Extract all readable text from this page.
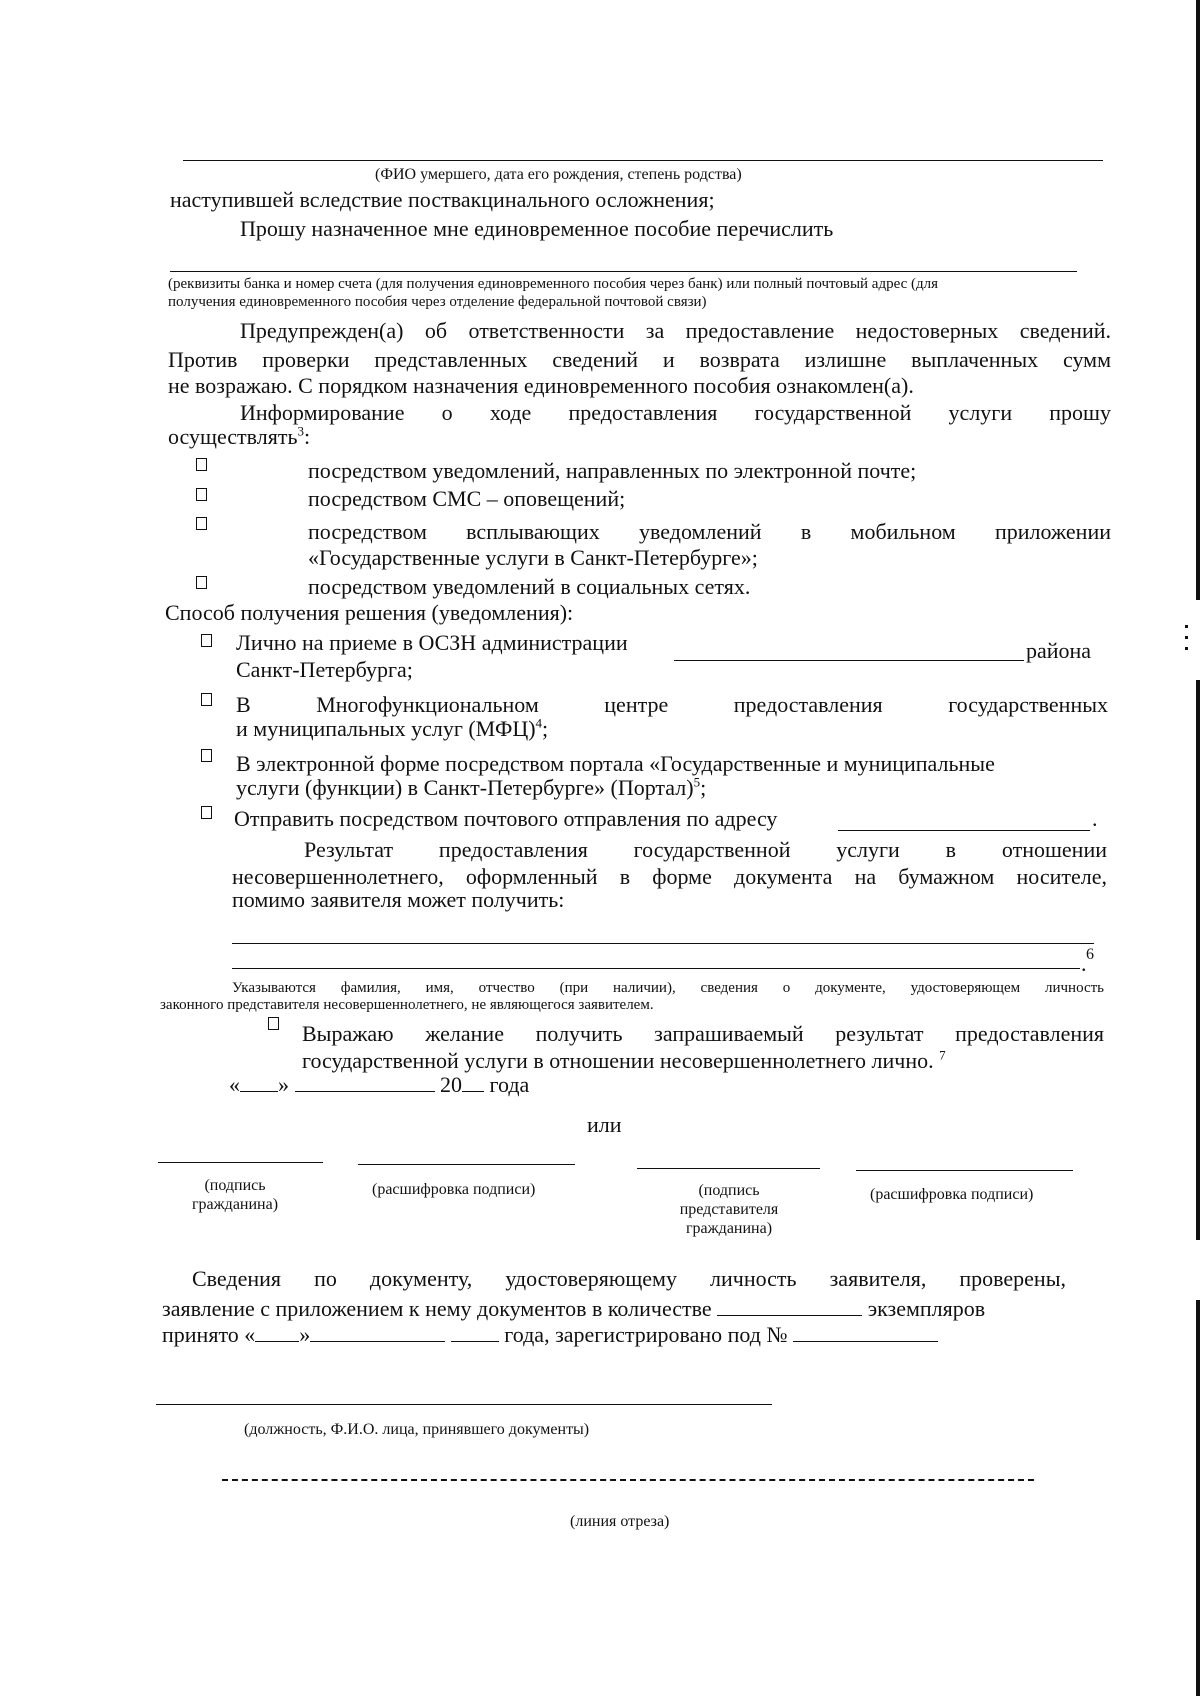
(ФИО умершего, дата его рождения, степень родства)
наступившей вследствие поствакцинального осложнения;
Прошу назначенное мне единовременное пособие перечислить
(реквизиты банка и номер счета (для получения единовременного пособия через банк) или полный почтовый адрес (для
получения единовременного пособия через отделение федеральной почтовой связи)
Предупрежден(а) об ответственности за предоставление недостоверных сведений.
Против проверки представленных сведений и возврата излишне выплаченных сумм
не возражаю. С порядком назначения единовременного пособия ознакомлен(а).
Информирование о ходе предоставления государственной услуги прошу
осуществлять$^3$:
посредством уведомлений, направленных по электронной почте;
посредством СМС – оповещений;
посредством всплывающих уведомлений в мобильном приложении
«Государственные услуги в Санкт-Петербурге»;
посредством уведомлений в социальных сетях.
Способ получения решения (уведомления):
Лично на приеме в ОСЗН администрации	района
Санкт-Петербурга;
В Многофункциональном центре предоставления государственных
и муниципальных услуг (МФЦ)$^4$;
В электронной форме посредством портала «Государственные и муниципальные
услуги (функции) в Санкт-Петербурге» (Портал)$^5$;
Отправить посредством почтового отправления по адресу	.
Результат предоставления государственной услуги в отношении
несовершеннолетнего, оформленный в форме документа на бумажном носителе,
помимо заявителя может получить:
6
.
Указываются фамилия, имя, отчество (при наличии), сведения о документе, удостоверяющем личность
законного представителя несовершеннолетнего, не являющегося заявителем.
Выражаю желание получить запрашиваемый результат предоставления
государственной услуги в отношении несовершеннолетнего лично. $^7$
« »	20 года
или
(подпись
гражданина)
(расшифровка подписи)	(подпись
представителя
гражданина)
(расшифровка подписи)
Сведения по документу, удостоверяющему личность заявителя, проверены,
заявление с приложением к нему документов в количестве	экземпляров
принято « »	года, зарегистрировано под №
(должность, Ф.И.О. лица, принявшего документы)
(линия отреза)
